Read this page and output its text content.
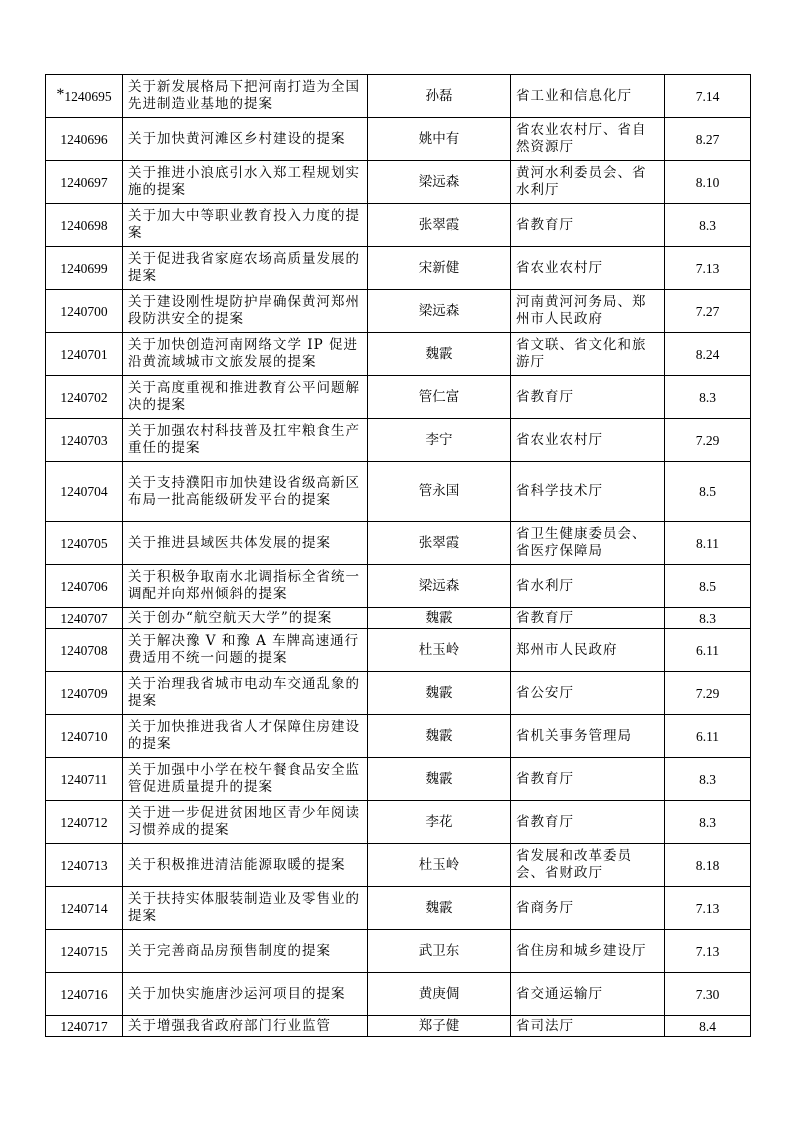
*1240695	关于新发展格局下把河南打造为全国先进制造业基地的提案	孙磊	省工业和信息化厅	7.14
1240696	关于加快黄河滩区乡村建设的提案	姚中有	省农业农村厅、省自然资源厅	8.27
1240697	关于推进小浪底引水入郑工程规划实施的提案	梁远森	黄河水利委员会、省水利厅	8.10
1240698	关于加大中等职业教育投入力度的提案	张翠霞	省教育厅	8.3
1240699	关于促进我省家庭农场高质量发展的提案	宋新健	省农业农村厅	7.13
1240700	关于建设刚性堤防护岸确保黄河郑州段防洪安全的提案	梁远森	河南黄河河务局、郑州市人民政府	7.27
1240701	关于加快创造河南网络文学 IP 促进沿黄流域城市文旅发展的提案	魏霰	省文联、省文化和旅游厅	8.24
1240702	关于高度重视和推进教育公平问题解决的提案	管仁富	省教育厅	8.3
1240703	关于加强农村科技普及扛牢粮食生产重任的提案	李宁	省农业农村厅	7.29
1240704	关于支持濮阳市加快建设省级高新区布局一批高能级研发平台的提案	管永国	省科学技术厅	8.5
1240705	关于推进县域医共体发展的提案	张翠霞	省卫生健康委员会、省医疗保障局	8.11
1240706	关于积极争取南水北调指标全省统一调配并向郑州倾斜的提案	梁远森	省水利厅	8.5
1240707	关于创办“航空航天大学”的提案	魏霰	省教育厅	8.3
1240708	关于解决豫 V 和豫 A 车牌高速通行费适用不统一问题的提案	杜玉岭	郑州市人民政府	6.11
1240709	关于治理我省城市电动车交通乱象的提案	魏霰	省公安厅	7.29
1240710	关于加快推进我省人才保障住房建设的提案	魏霰	省机关事务管理局	6.11
1240711	关于加强中小学在校午餐食品安全监管促进质量提升的提案	魏霰	省教育厅	8.3
1240712	关于进一步促进贫困地区青少年阅读习惯养成的提案	李花	省教育厅	8.3
1240713	关于积极推进清洁能源取暖的提案	杜玉岭	省发展和改革委员会、省财政厅	8.18
1240714	关于扶持实体服装制造业及零售业的提案	魏霰	省商务厅	7.13
1240715	关于完善商品房预售制度的提案	武卫东	省住房和城乡建设厅	7.13
1240716	关于加快实施唐沙运河项目的提案	黄庚倜	省交通运输厅	7.30
1240717	关于增强我省政府部门行业监管	郑子健	省司法厅	8.4
